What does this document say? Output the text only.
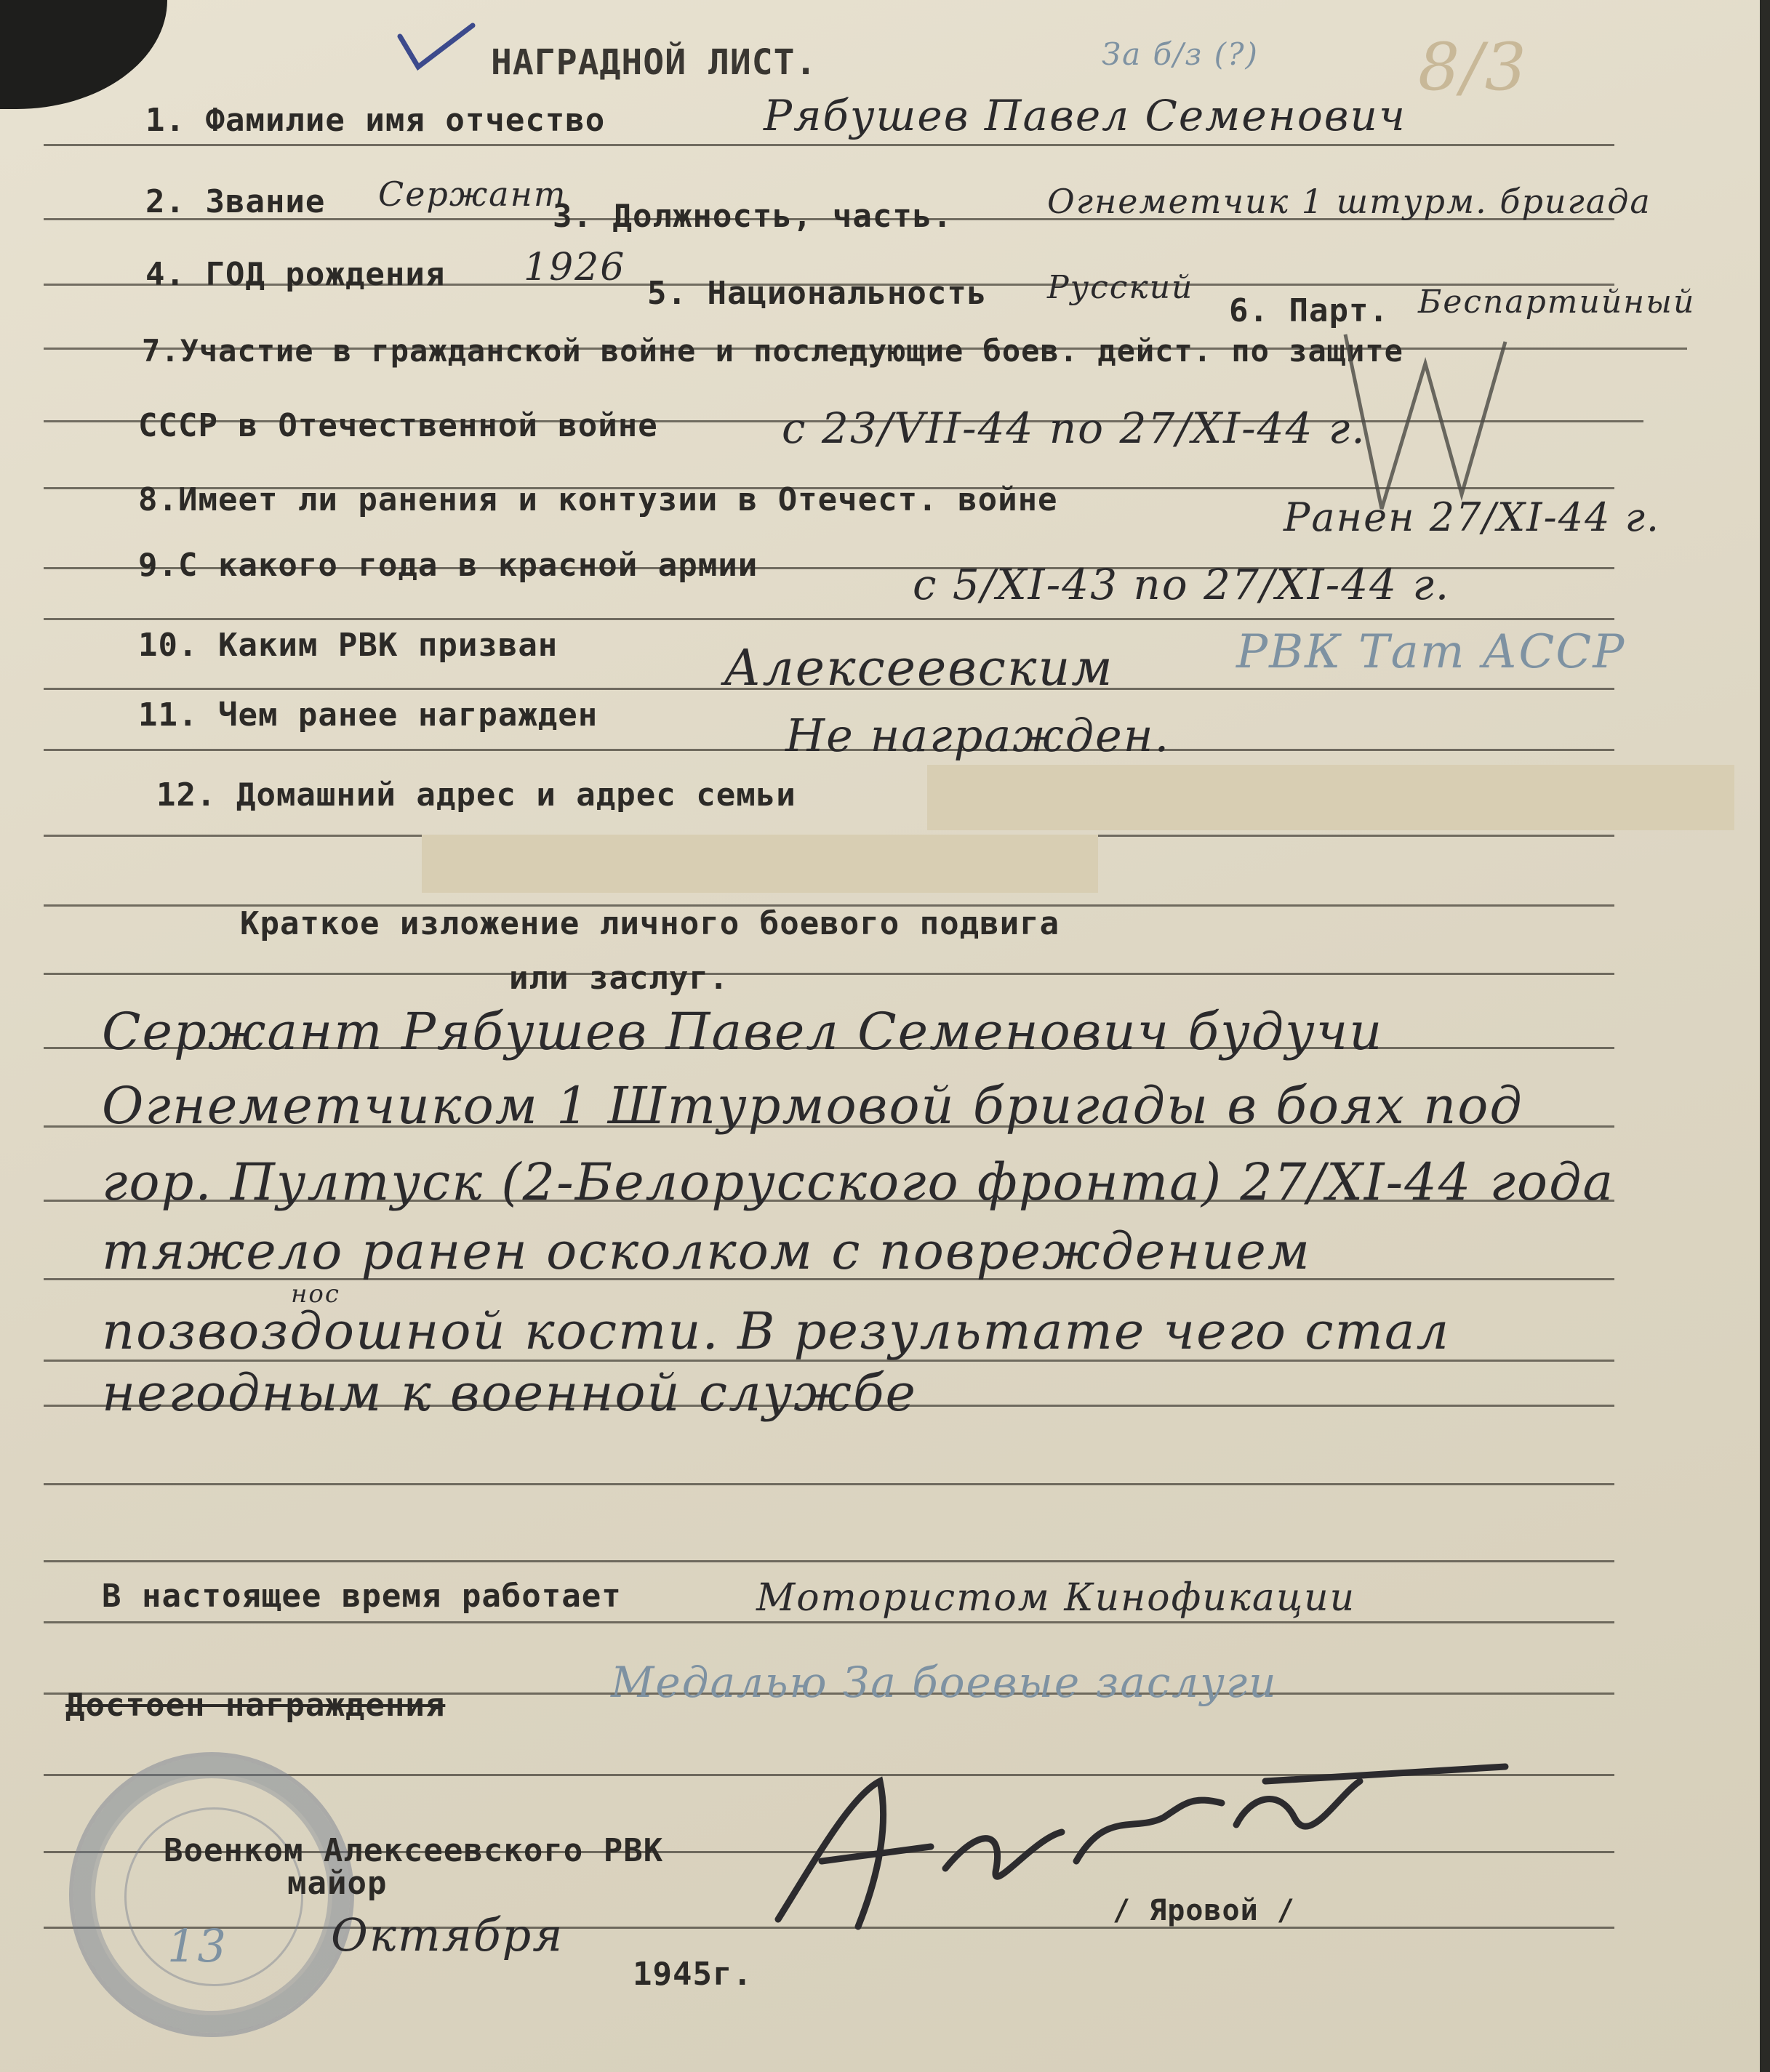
НАГРАДНОЙ ЛИСТ.	За б/з (?) 8/3
1. Фамилие имя отчество	Рябушев Павел Семенович
2. Звание Сержант
3. Должность, часть.	Огнеметчик 1 штурм. бригада
4. ГОД рождения 1926
5. Национальность Русский
6. Парт. Беспартийный
7.Участие в гражданской войне и последующие боев. дейст. по защите
СССР в Отечественной войне	с 23/VII-44 по 27/XI-44 г.
8.Имеет ли ранения и контузии в Отечест. войне	Ранен 27/XI-44 г.
9.С какого года в красной армии	с 5/XI-43 по 27/XI-44 г.
10. Каким РВК призван	Алексеевским	РВК Тат АССР
11. Чем ранее награжден	Не награжден.
12. Домашний адрес и адрес семьи
Краткое изложение личного боевого подвига
или заслуг.
Сержант Рябушев Павел Семенович будучи
Огнеметчиком 1 Штурмовой бригады в боях под
гор. Пултуск (2-Белорусского фронта) 27/XI-44 года
тяжело ранен осколком с повреждением
нос
позвоздошной кости. В результате чего стал
негодным к военной службе
В настоящее время работает	Мотористом Кинофикации
Достоен награждения	Медалью За боевые заслуги
Военком Алексеевского РВК
майор
/ Яровой /
13 Октября
1945г.
